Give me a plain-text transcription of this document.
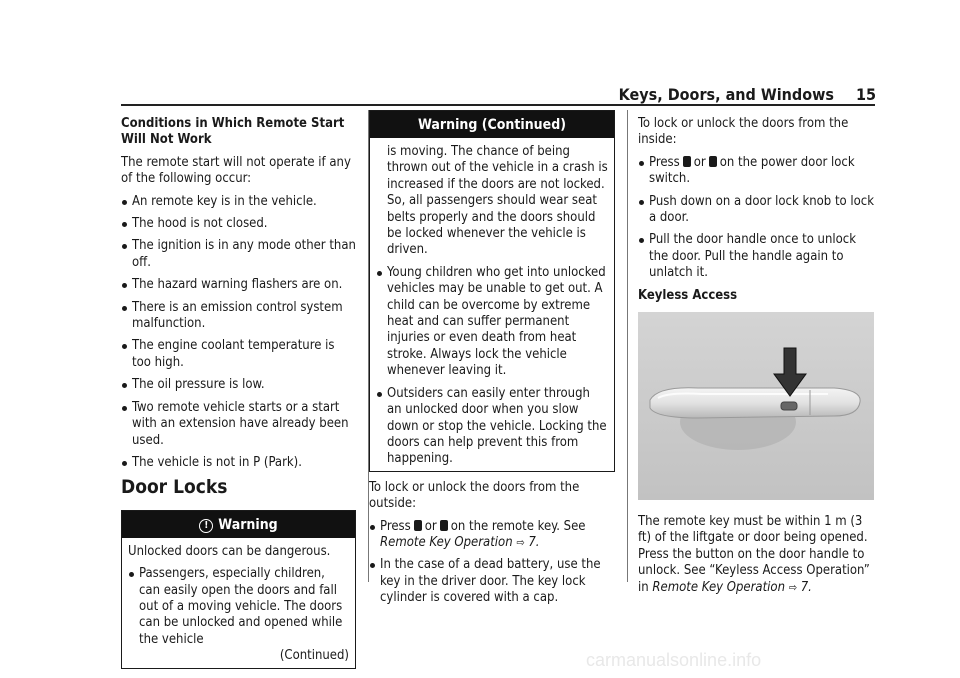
Keys, Doors, and Windows 15

Conditions in Which Remote Start Will Not Work

The remote start will not operate if any of the following occur:

An remote key is in the vehicle.
The hood is not closed.
The ignition is in any mode other than off.
The hazard warning flashers are on.
There is an emission control system malfunction.
The engine coolant temperature is too high.
The oil pressure is low.
Two remote vehicle starts or a start with an extension have already been used.
The vehicle is not in P (Park).
Door Locks
! Warning

Unlocked doors can be dangerous.

Passengers, especially children, can easily open the doors and fall out of a moving vehicle. The doors can be unlocked and opened while the vehicle
(Continued)
Warning (Continued)

is moving. The chance of being thrown out of the vehicle in a crash is increased if the doors are not locked. So, all passengers should wear seat belts properly and the doors should be locked whenever the vehicle is driven.

Young children who get into unlocked vehicles may be unable to get out. A child can be overcome by extreme heat and can suffer permanent injuries or even death from heat stroke. Always lock the vehicle whenever leaving it.
Outsiders can easily enter through an unlocked door when you slow down or stop the vehicle. Locking the doors can help prevent this from happening.

To lock or unlock the doors from the outside:

Press or on the remote key. See Remote Key Operation ⇨ 7.
In the case of a dead battery, use the key in the driver door. The key lock cylinder is covered with a cap.

To lock or unlock the doors from the inside:

Press or on the power door lock switch.
Push down on a door lock knob to lock a door.
Pull the door handle once to unlock the door. Pull the handle again to unlatch it.

Keyless Access

The remote key must be within 1 m (3 ft) of the liftgate or door being opened. Press the button on the door handle to unlock. See “Keyless Access Operation” in Remote Key Operation ⇨ 7.

carmanualsonline.info
